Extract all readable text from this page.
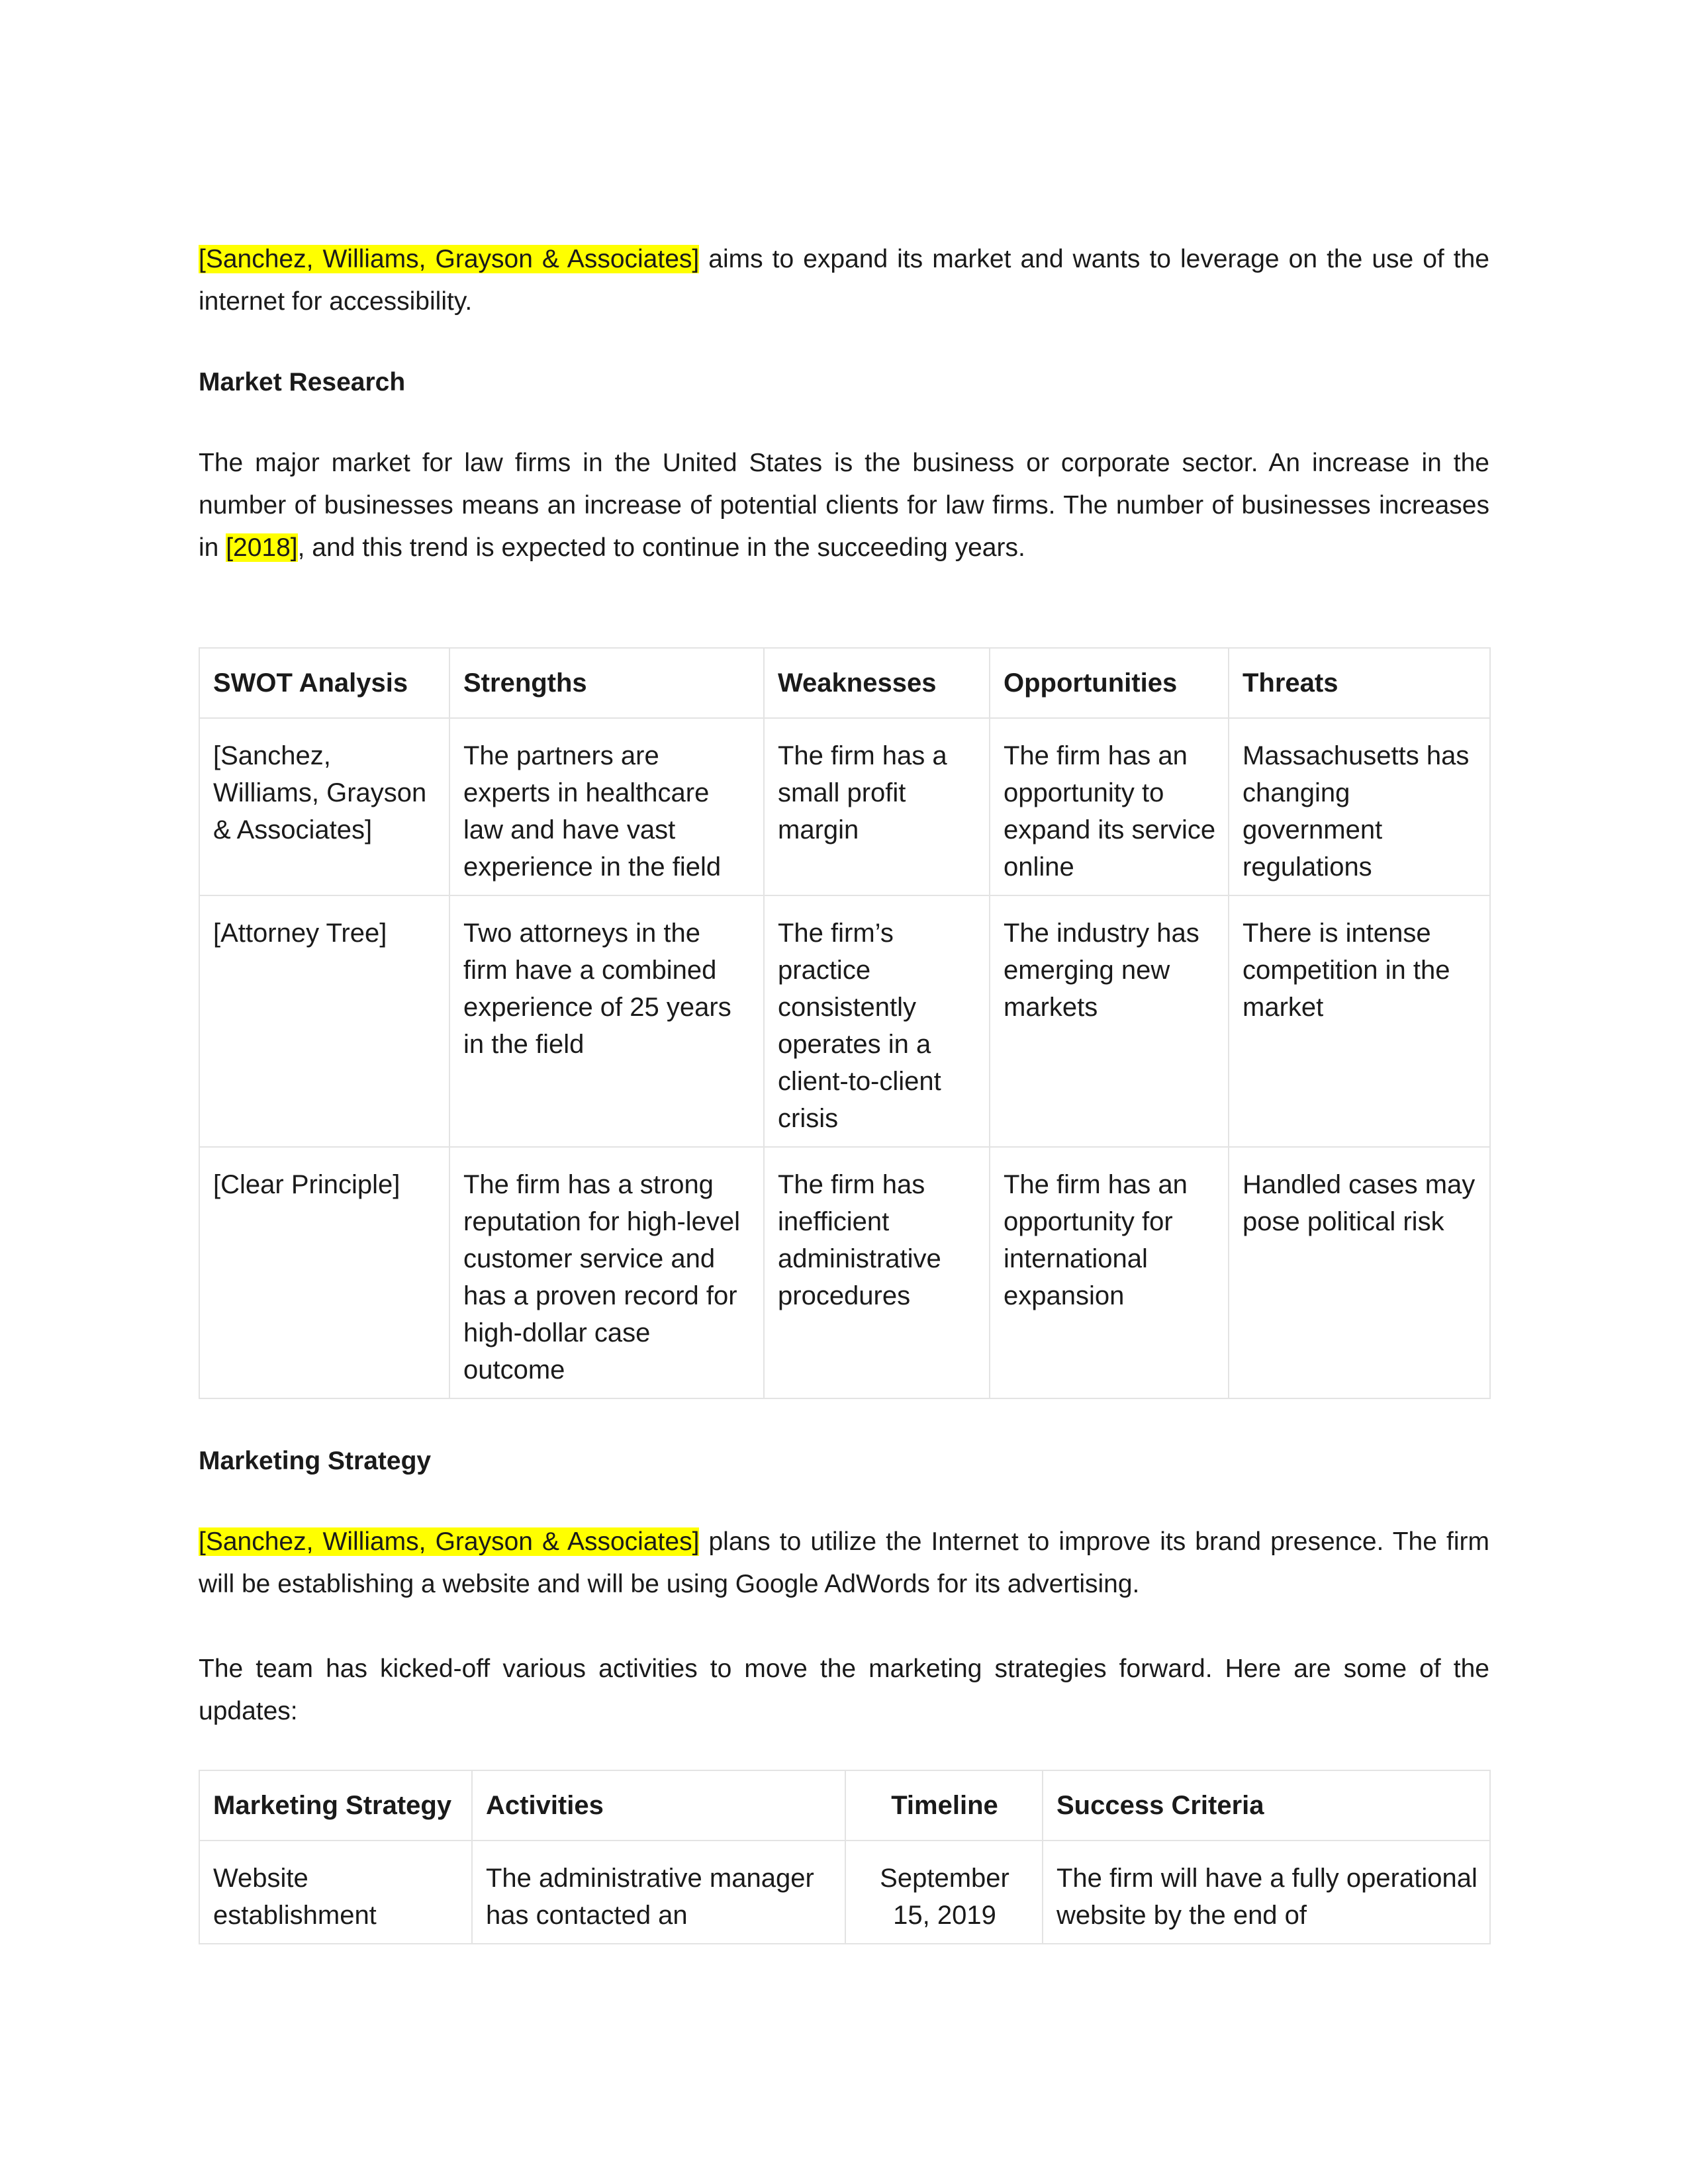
[Sanchez, Williams, Grayson & Associates] aims to expand its market and wants to leverage on the use of the internet for accessibility.

Market Research

The major market for law firms in the United States is the business or corporate sector. An increase in the number of businesses means an increase of potential clients for law firms. The number of businesses increases in [2018], and this trend is expected to continue in the succeeding years.

SWOT Analysis	Strengths	Weaknesses	Opportunities	Threats
[Sanchez, Williams, Grayson & Associates]	The partners are experts in healthcare law and have vast experience in the field	The firm has a small profit margin	The firm has an opportunity to expand its service online	Massachusetts has changing government regulations
[Attorney Tree]	Two attorneys in the firm have a combined experience of 25 years in the field	The firm’s practice consistently operates in a client-to-client crisis	The industry has emerging new markets	There is intense competition in the market
[Clear Principle]	The firm has a strong reputation for high-level customer service and has a proven record for high-dollar case outcome	The firm has inefficient administrative procedures	The firm has an opportunity for international expansion	Handled cases may pose political risk

Marketing Strategy

[Sanchez, Williams, Grayson & Associates] plans to utilize the Internet to improve its brand presence. The firm will be establishing a website and will be using Google AdWords for its advertising.

The team has kicked-off various activities to move the marketing strategies forward. Here are some of the updates:

Marketing Strategy	Activities	Timeline	Success Criteria
Website establishment	The administrative manager has contacted an	September 15, 2019	The firm will have a fully operational website by the end of
